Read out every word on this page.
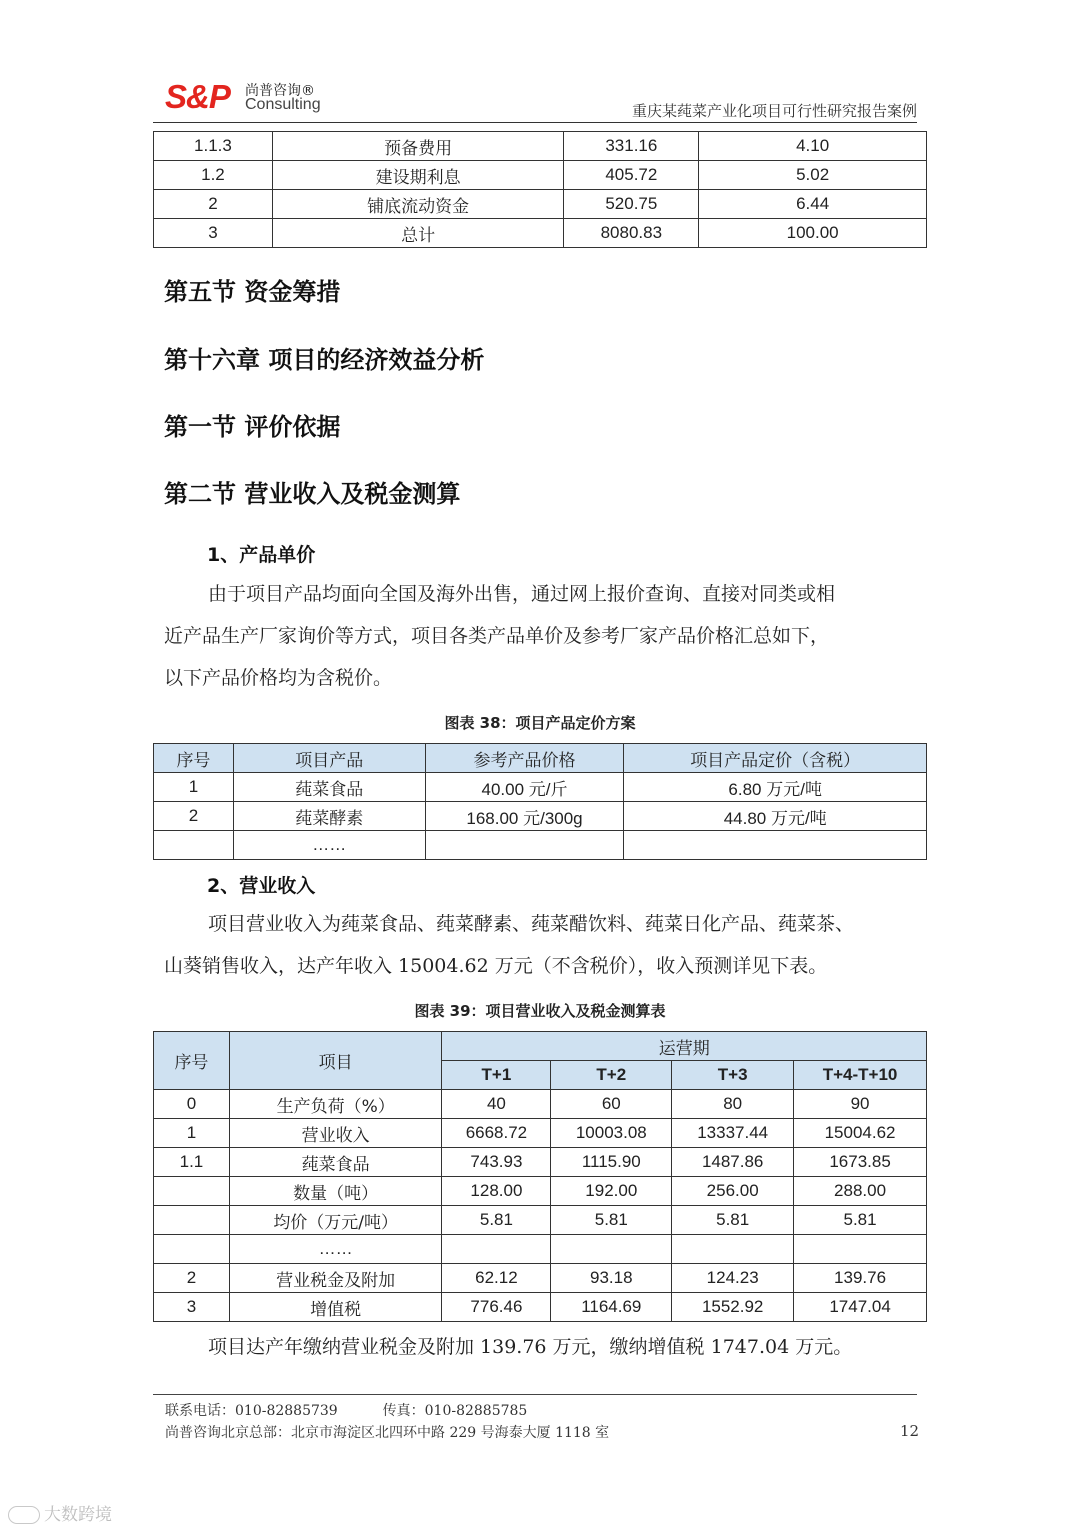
S&P 尚普咨询®
Consulting	重庆某莼菜产业化项目可行性研究报告案例
1.1.3	预备费用	331.16	4.10
1.2	建设期利息	405.72	5.02
2	铺底流动资金	520.75	6.44
3	总计	8080.83	100.00
第五节 资金筹措
第十六章 项目的经济效益分析
第一节 评价依据
第二节 营业收入及税金测算
1、产品单价
由于项目产品均面向全国及海外出售，通过网上报价查询、直接对同类或相
近产品生产厂家询价等方式，项目各类产品单价及参考厂家产品价格汇总如下，
以下产品价格均为含税价。
图表 38：项目产品定价方案
序号	项目产品	参考产品价格	项目产品定价（含税）
1	莼菜食品	40.00 元/斤	6.80 万元/吨
2	莼菜酵素	168.00 元/300g	44.80 万元/吨
	……		
2、营业收入
项目营业收入为莼菜食品、莼菜酵素、莼菜醋饮料、莼菜日化产品、莼菜茶、
山葵销售收入，达产年收入 15004.62 万元（不含税价），收入预测详见下表。
图表 39：项目营业收入及税金测算表
序号	项目	运营期			
		T+1	T+2	T+3	T+4-T+10
0	生产负荷（%）	40	60	80	90
1	营业收入	6668.72	10003.08	13337.44	15004.62
1.1	莼菜食品	743.93	1115.90	1487.86	1673.85
	数量（吨）	128.00	192.00	256.00	288.00
	均价（万元/吨）	5.81	5.81	5.81	5.81
	……				
2	营业税金及附加	62.12	93.18	124.23	139.76
3	增值税	776.46	1164.69	1552.92	1747.04
项目达产年缴纳营业税金及附加 139.76 万元，缴纳增值税 1747.04 万元。
联系电话：010-82885739	传真：010-82885785
尚普咨询北京总部：北京市海淀区北四环中路 229 号海泰大厦 1118 室	12
大数跨境
